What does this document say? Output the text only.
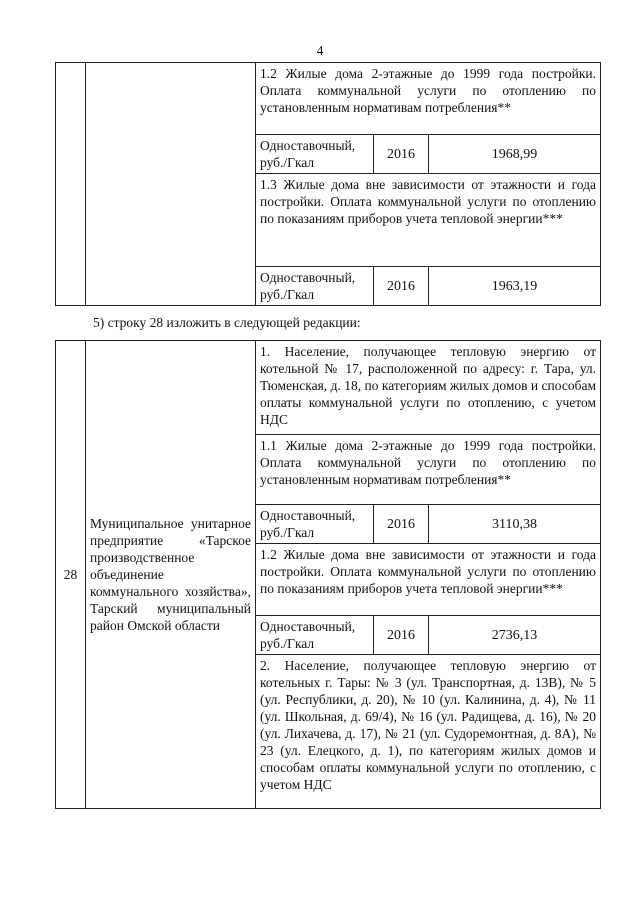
4
		1.2 Жилые дома 2-этажные до 1999 года постройки. Оплата коммунальной услуги по отоплению по установленным нормативам потребления**		
		Одноставочный, руб./Гкал	2016	1968,99
		1.3 Жилые дома вне зависимости от этажности и года постройки. Оплата коммунальной услуги по отоплению по показаниям приборов учета тепловой энергии***		
		Одноставочный, руб./Гкал	2016	1963,19
5) строку 28 изложить в следующей редакции:
28	Муниципальное унитарное предприятие «Тарское производственное объединение коммунального хозяйства», Тарский муниципальный район Омской области	1. Население, получающее тепловую энергию от котельной № 17, расположенной по адресу: г. Тара, ул. Тюменская, д. 18, по категориям жилых домов и способам оплаты коммунальной услуги по отоплению, с учетом НДС		
		1.1 Жилые дома 2-этажные до 1999 года постройки. Оплата коммунальной услуги по отоплению по установленным нормативам потребления**		
		Одноставочный, руб./Гкал	2016	3110,38
		1.2 Жилые дома вне зависимости от этажности и года постройки. Оплата коммунальной услуги по отоплению по показаниям приборов учета тепловой энергии***		
		Одноставочный, руб./Гкал	2016	2736,13
		2. Население, получающее тепловую энергию от котельных г. Тары: № 3 (ул. Транспортная, д. 13В), № 5 (ул. Республики, д. 20), № 10 (ул. Калинина, д. 4), № 11 (ул. Школьная, д. 69/4), № 16 (ул. Радищева, д. 16), № 20 (ул. Лихачева, д. 17), № 21 (ул. Судоремонтная, д. 8А), № 23 (ул. Елецкого, д. 1), по категориям жилых домов и способам оплаты коммунальной услуги по отоплению, с учетом НДС		
